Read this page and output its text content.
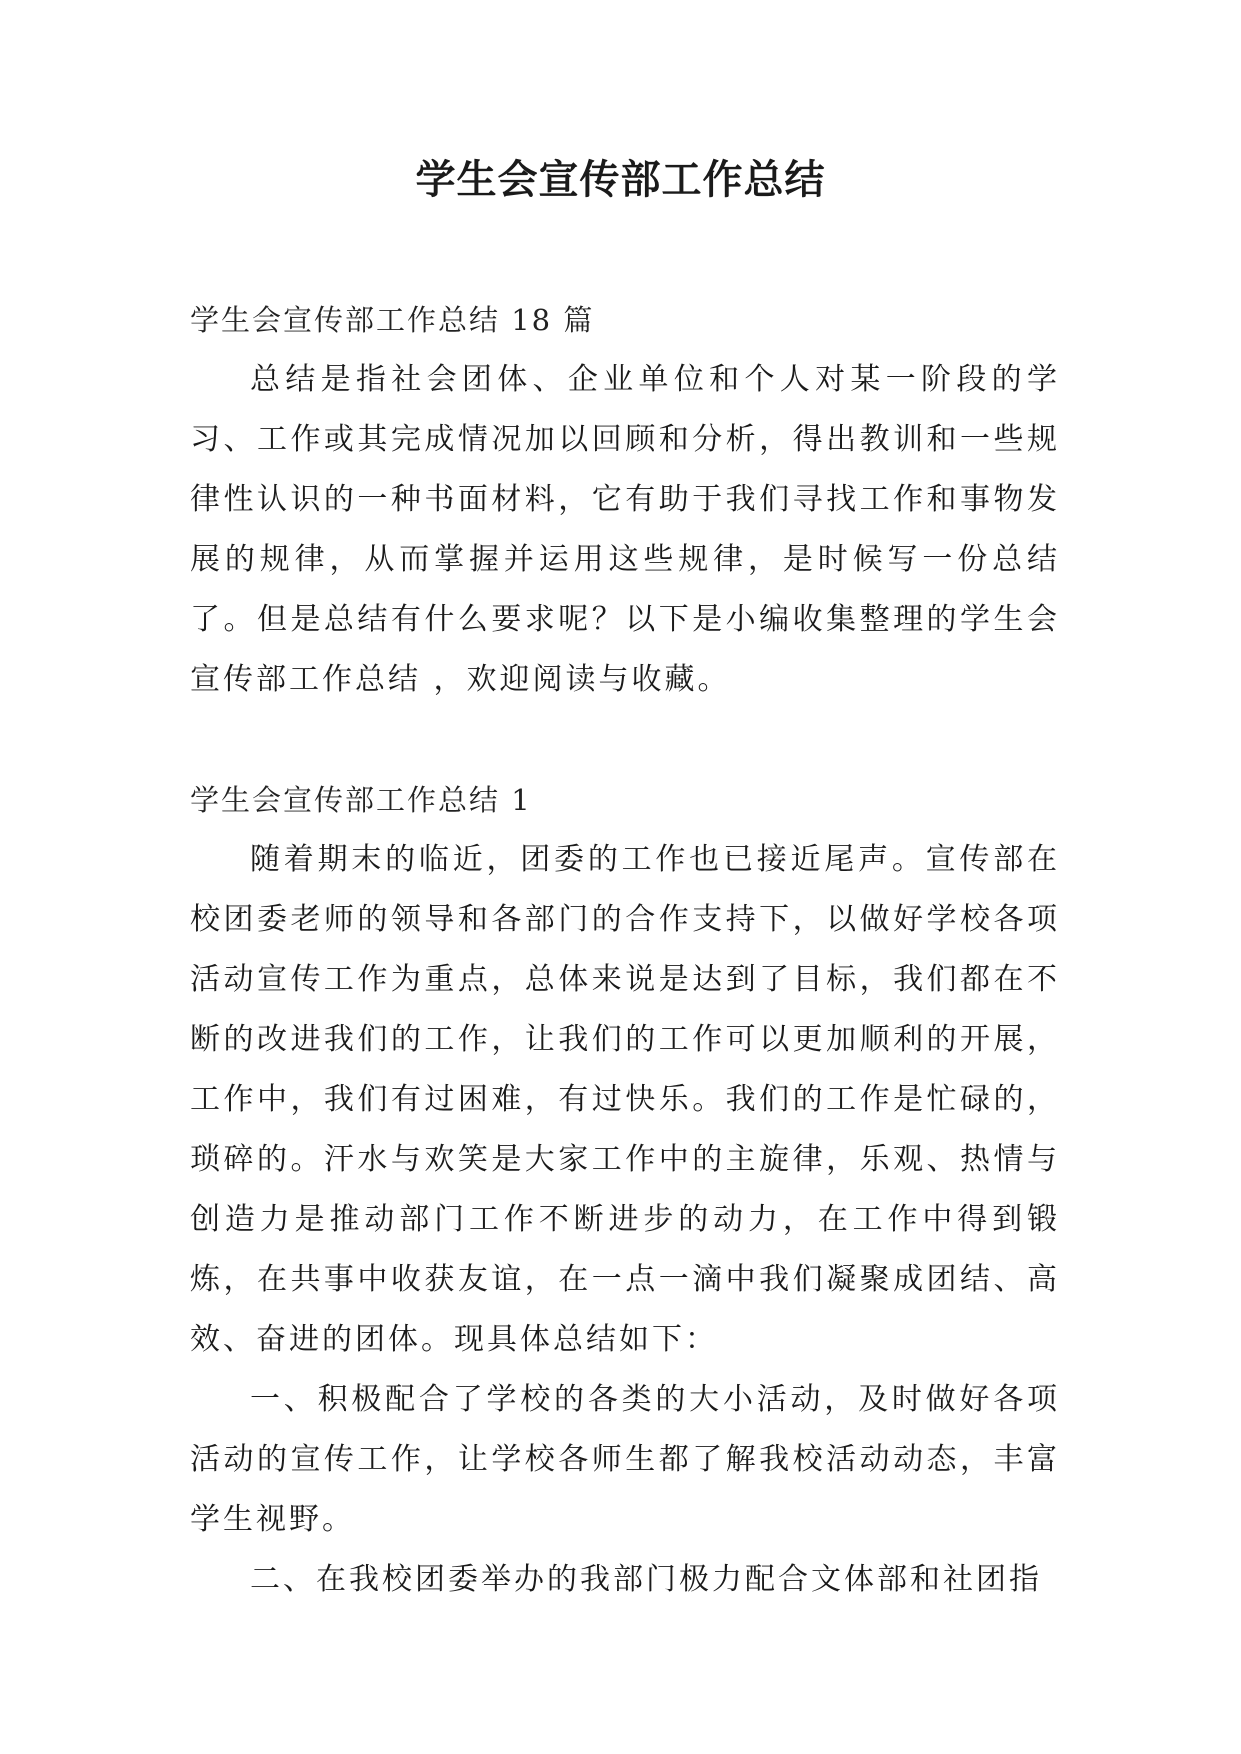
学生会宣传部工作总结

学生会宣传部工作总结 18 篇

总结是指社会团体、企业单位和个人对某一阶段的学习、工作或其完成情况加以回顾和分析，得出教训和一些规律性认识的一种书面材料，它有助于我们寻找工作和事物发展的规律，从而掌握并运用这些规律，是时候写一份总结了。但是总结有什么要求呢？以下是小编收集整理的学生会宣传部工作总结 ，欢迎阅读与收藏。

学生会宣传部工作总结 1

随着期末的临近，团委的工作也已接近尾声。宣传部在校团委老师的领导和各部门的合作支持下，以做好学校各项活动宣传工作为重点，总体来说是达到了目标，我们都在不断的改进我们的工作，让我们的工作可以更加顺利的开展，工作中，我们有过困难，有过快乐。我们的工作是忙碌的，琐碎的。汗水与欢笑是大家工作中的主旋律，乐观、热情与创造力是推动部门工作不断进步的动力，在工作中得到锻炼，在共事中收获友谊，在一点一滴中我们凝聚成团结、高效、奋进的团体。现具体总结如下：

一、积极配合了学校的各类的大小活动，及时做好各项活动的宣传工作，让学校各师生都了解我校活动动态，丰富学生视野。

二、在我校团委举办的我部门极力配合文体部和社团指
